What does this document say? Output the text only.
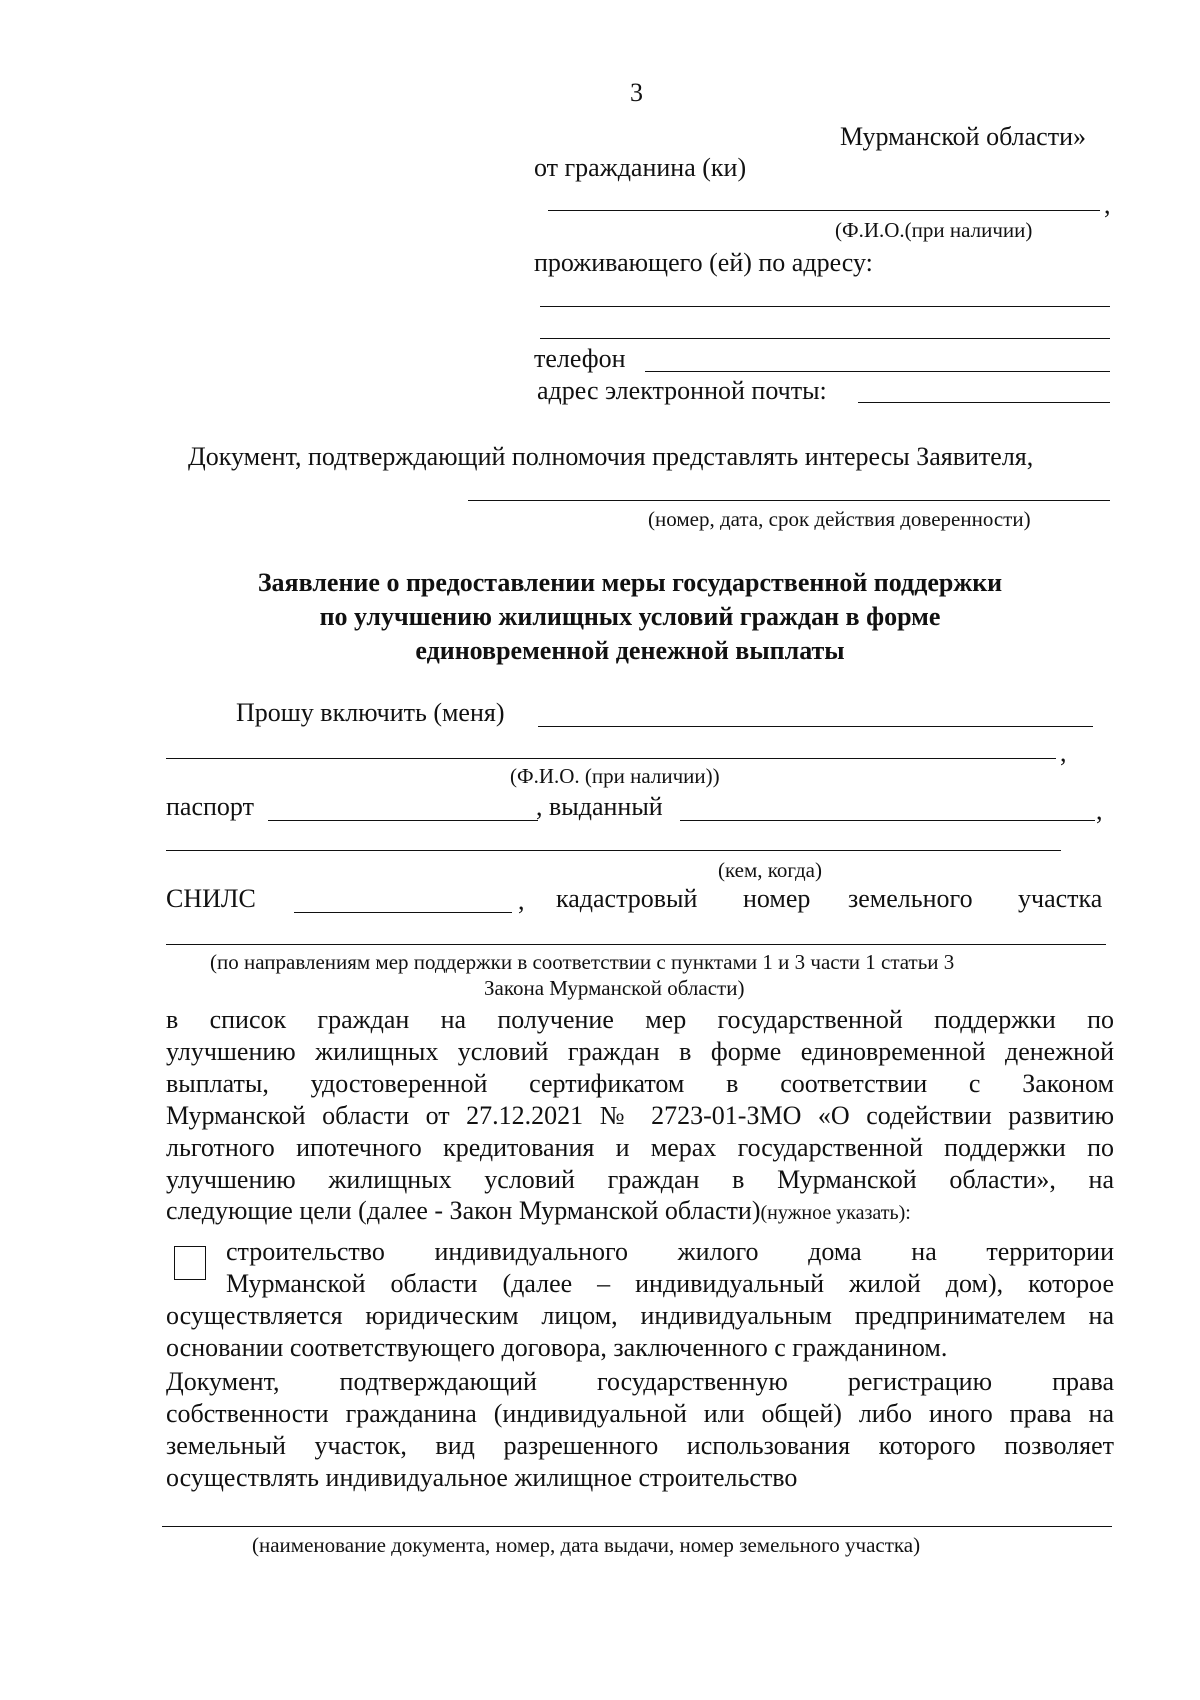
3
Мурманской области»
от гражданина (ки)
,
(Ф.И.О.(при наличии)
проживающего (ей) по адресу:
телефон
адрес электронной почты:
Документ, подтверждающий полномочия представлять интересы Заявителя,
(номер, дата, срок действия доверенности)
Заявление о предоставлении меры государственной поддержки
по улучшению жилищных условий граждан в форме
единовременной денежной выплаты
Прошу включить (меня)
,
(Ф.И.О. (при наличии))
паспорт	, выданный	,
(кем, когда)
СНИЛС	, кадастровый номер земельного участка
(по направлениям мер поддержки в соответствии с пунктами 1 и 3 части 1 статьи 3
Закона Мурманской области)
в список граждан на получение мер государственной поддержки по
улучшению жилищных условий граждан в форме единовременной денежной
выплаты, удостоверенной сертификатом в соответствии с Законом
Мурманской области от 27.12.2021 № 2723-01-ЗМО «О содействии развитию
льготного ипотечного кредитования и мерах государственной поддержки по
улучшению жилищных условий граждан в Мурманской области», на
следующие цели (далее - Закон Мурманской области)(нужное указать):
строительство индивидуального жилого дома на территории
Мурманской области (далее – индивидуальный жилой дом), которое
осуществляется юридическим лицом, индивидуальным предпринимателем на
основании соответствующего договора, заключенного с гражданином.
Документ, подтверждающий государственную регистрацию права
собственности гражданина (индивидуальной или общей) либо иного права на
земельный участок, вид разрешенного использования которого позволяет
осуществлять индивидуальное жилищное строительство
(наименование документа, номер, дата выдачи, номер земельного участка)
